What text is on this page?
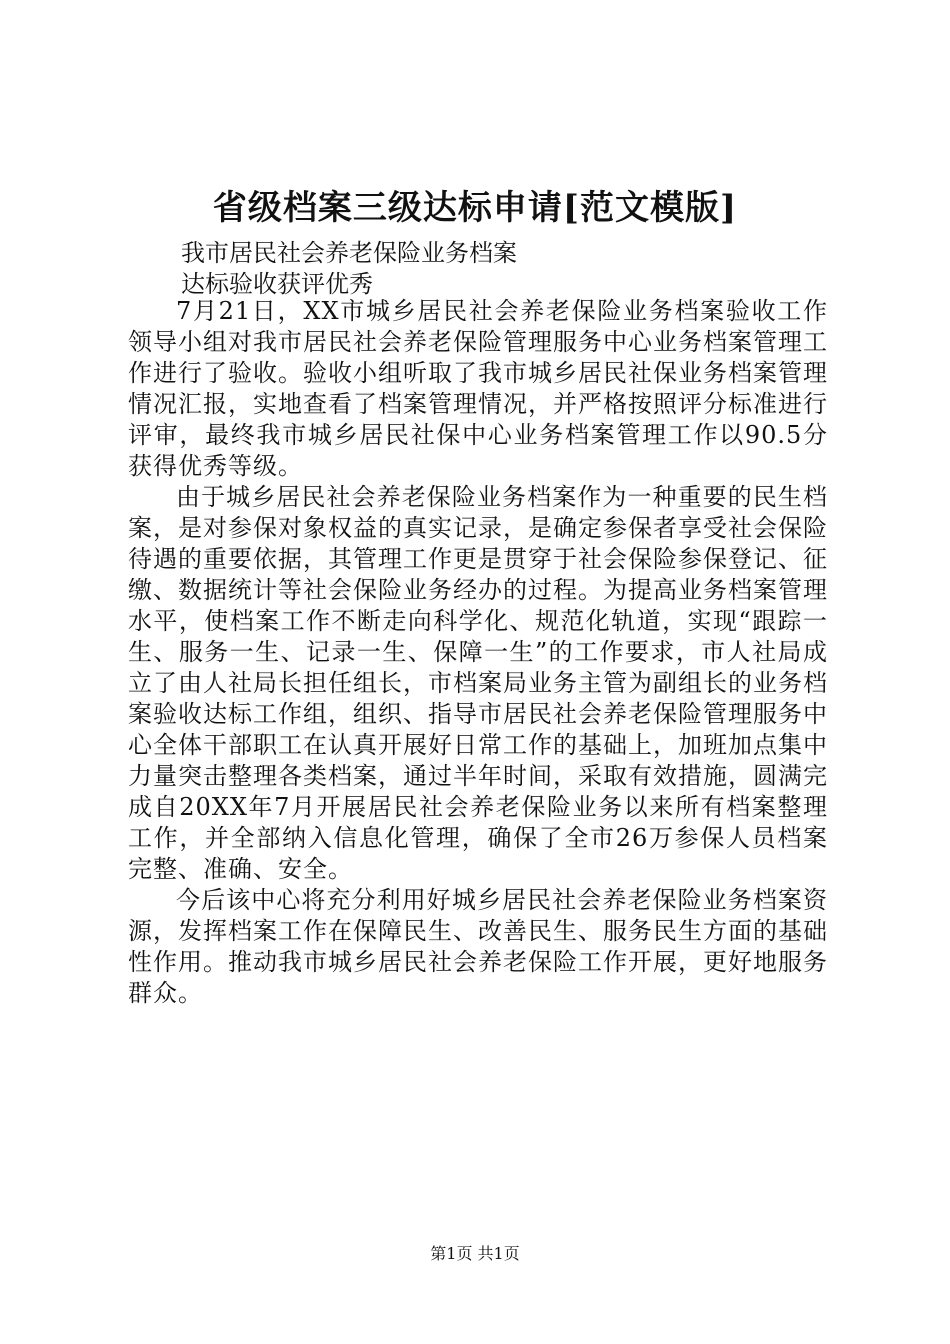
省级档案三级达标申请[范文模版]

我市居民社会养老保险业务档案

达标验收获评优秀

7月21日，XX市城乡居民社会养老保险业务档案验收工作领导小组对我市居民社会养老保险管理服务中心业务档案管理工作进行了验收。验收小组听取了我市城乡居民社保业务档案管理情况汇报，实地查看了档案管理情况，并严格按照评分标准进行评审，最终我市城乡居民社保中心业务档案管理工作以90.5分获得优秀等级。

由于城乡居民社会养老保险业务档案作为一种重要的民生档案，是对参保对象权益的真实记录，是确定参保者享受社会保险待遇的重要依据，其管理工作更是贯穿于社会保险参保登记、征缴、数据统计等社会保险业务经办的过程。为提高业务档案管理水平，使档案工作不断走向科学化、规范化轨道，实现“跟踪一生、服务一生、记录一生、保障一生”的工作要求，市人社局成立了由人社局长担任组长，市档案局业务主管为副组长的业务档案验收达标工作组，组织、指导市居民社会养老保险管理服务中心全体干部职工在认真开展好日常工作的基础上，加班加点集中力量突击整理各类档案，通过半年时间，采取有效措施，圆满完成自20XX年7月开展居民社会养老保险业务以来所有档案整理工作，并全部纳入信息化管理，确保了全市26万参保人员档案完整、准确、安全。

今后该中心将充分利用好城乡居民社会养老保险业务档案资源，发挥档案工作在保障民生、改善民生、服务民生方面的基础性作用。推动我市城乡居民社会养老保险工作开展，更好地服务群众。

第1页 共1页
